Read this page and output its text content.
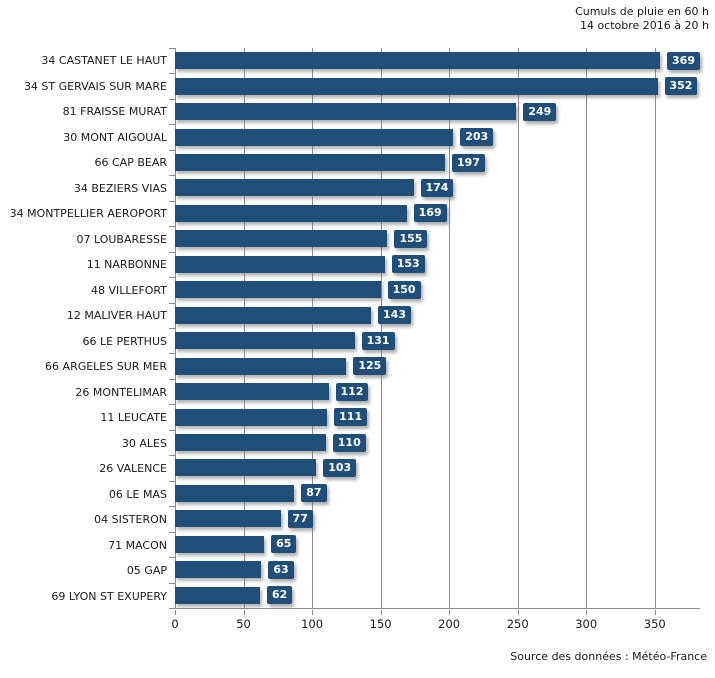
Cumuls de pluie en 60 h
14 octobre 2016 à 20 h
34 CASTANET LE HAUT
34 ST GERVAIS SUR MARE
81 FRAISSE MURAT
30 MONT AIGOUAL
66 CAP BEAR
34 BEZIERS VIAS
34 MONTPELLIER AEROPORT
07 LOUBARESSE
11 NARBONNE
48 VILLEFORT
12 MALIVER HAUT
66 LE PERTHUS
66 ARGELES SUR MER
26 MONTELIMAR
11 LEUCATE
30 ALES
26 VALENCE
06 LE MAS
04 SISTERON
71 MACON
05 GAP
69 LYON ST EXUPERY
369
352
249
203
197
174
169
155
153
150
143
131
125
112
111
110
103
87
77
65
63
62
0	50	100	150	200	250	300	350
Source des données : Météo-France
